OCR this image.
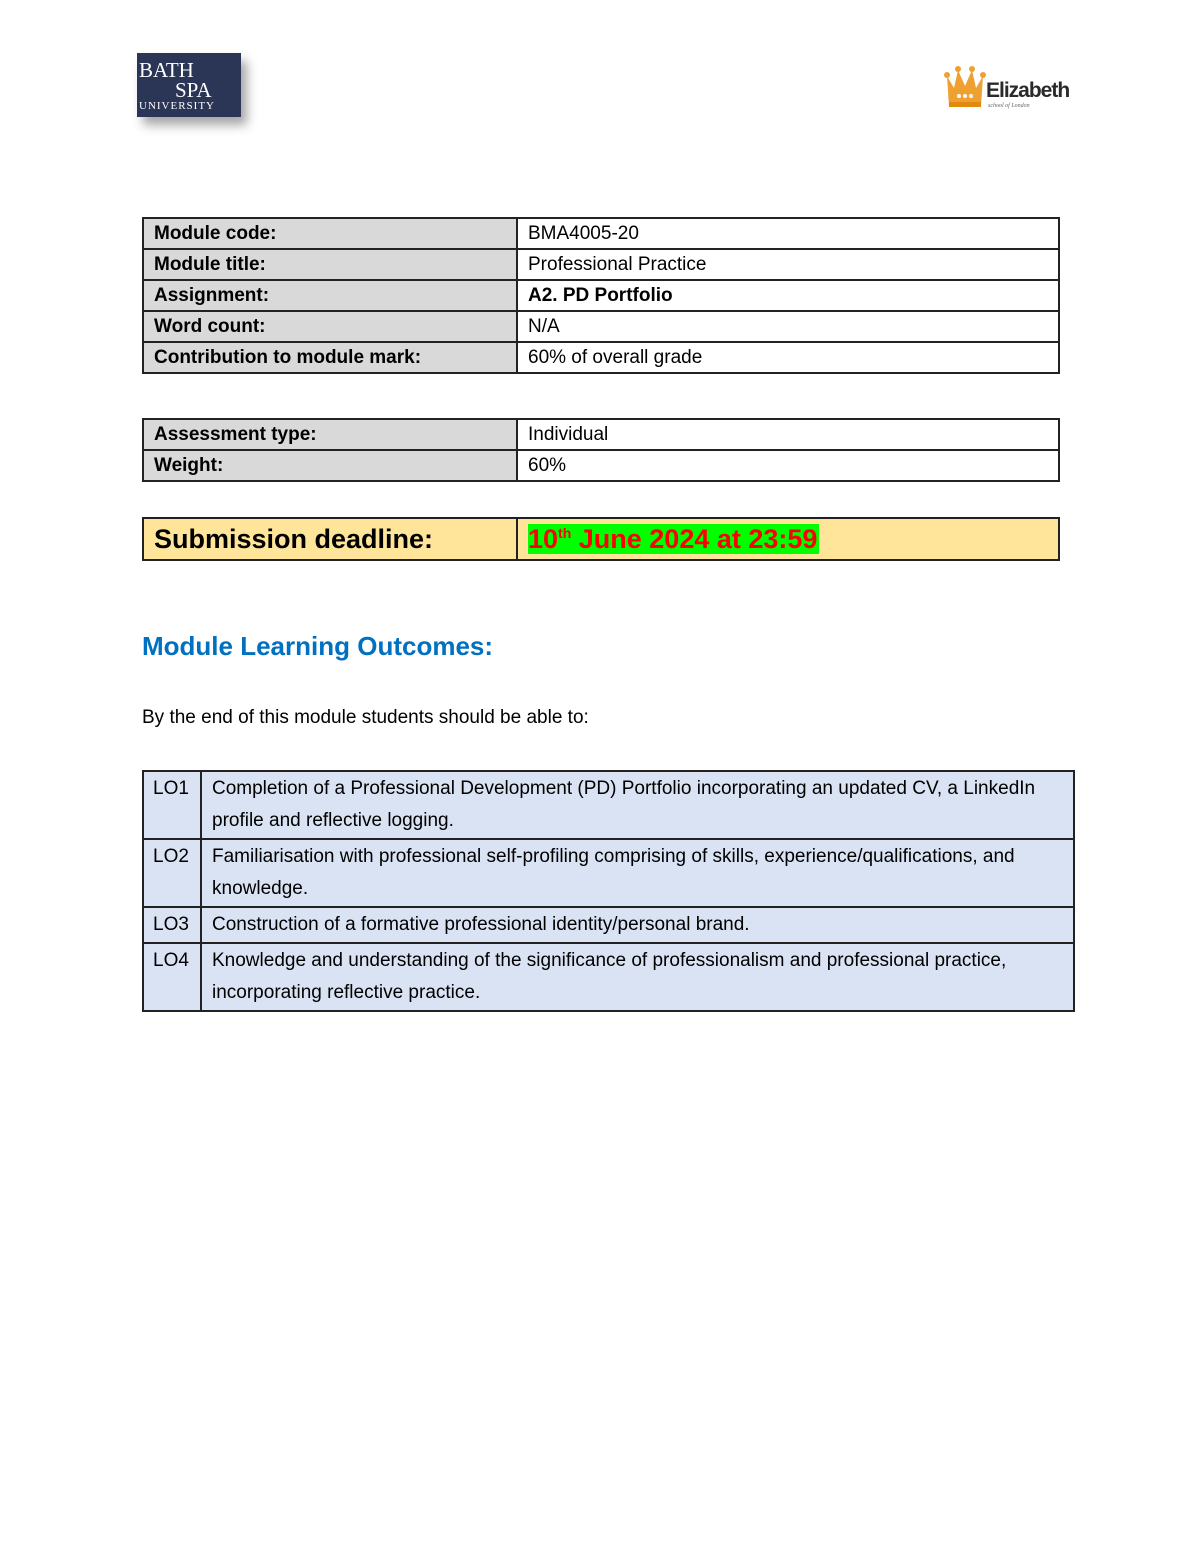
BATH
SPA
UNIVERSITY
Elizabeth
school of London
Module code:	BMA4005-20
Module title:	Professional Practice
Assignment:	A2. PD Portfolio
Word count:	N/A
Contribution to module mark:	60% of overall grade
Assessment type:	Individual
Weight:	60%
Submission deadline:	10th June 2024 at 23:59
Module Learning Outcomes:

By the end of this module students should be able to:

LO1	Completion of a Professional Development (PD) Portfolio incorporating an updated CV, a LinkedIn profile and reflective logging.
LO2	Familiarisation with professional self-profiling comprising of skills, experience/qualifications, and knowledge.
LO3	Construction of a formative professional identity/personal brand.
LO4	Knowledge and understanding of the significance of professionalism and professional practice, incorporating reflective practice.
